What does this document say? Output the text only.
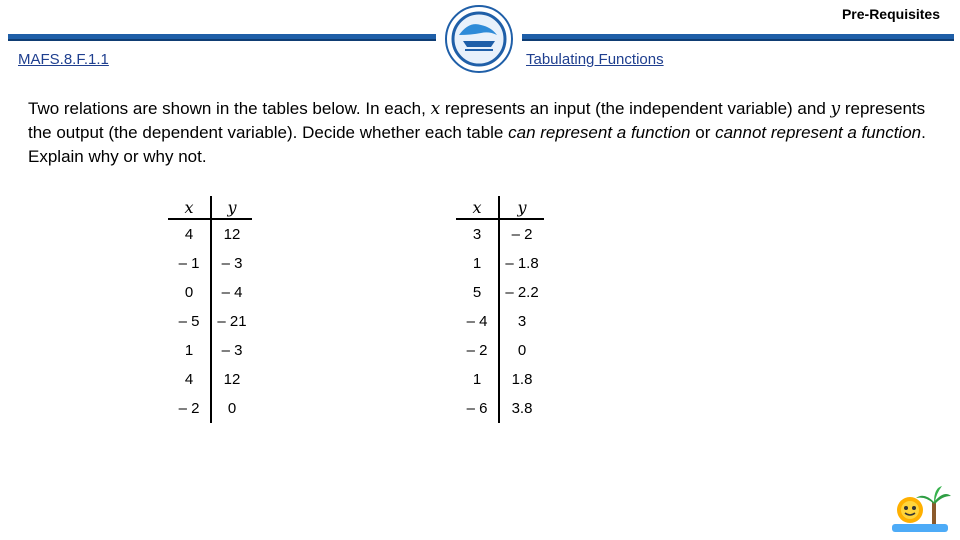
Pre-Requisites
MAFS.8.F.1.1	Tabulating Functions
Two relations are shown in the tables below. In each, x represents an input (the independent variable) and y represents the output (the dependent variable). Decide whether each table can represent a function or cannot represent a function. Explain why or why not.
x	y
4	12
– 1	– 3
0	– 4
– 5	– 21
1	– 3
4	12
– 2	0
x	y
3	– 2
1	– 1.8
5	– 2.2
– 4	3
– 2	0
1	1.8
– 6	3.8
